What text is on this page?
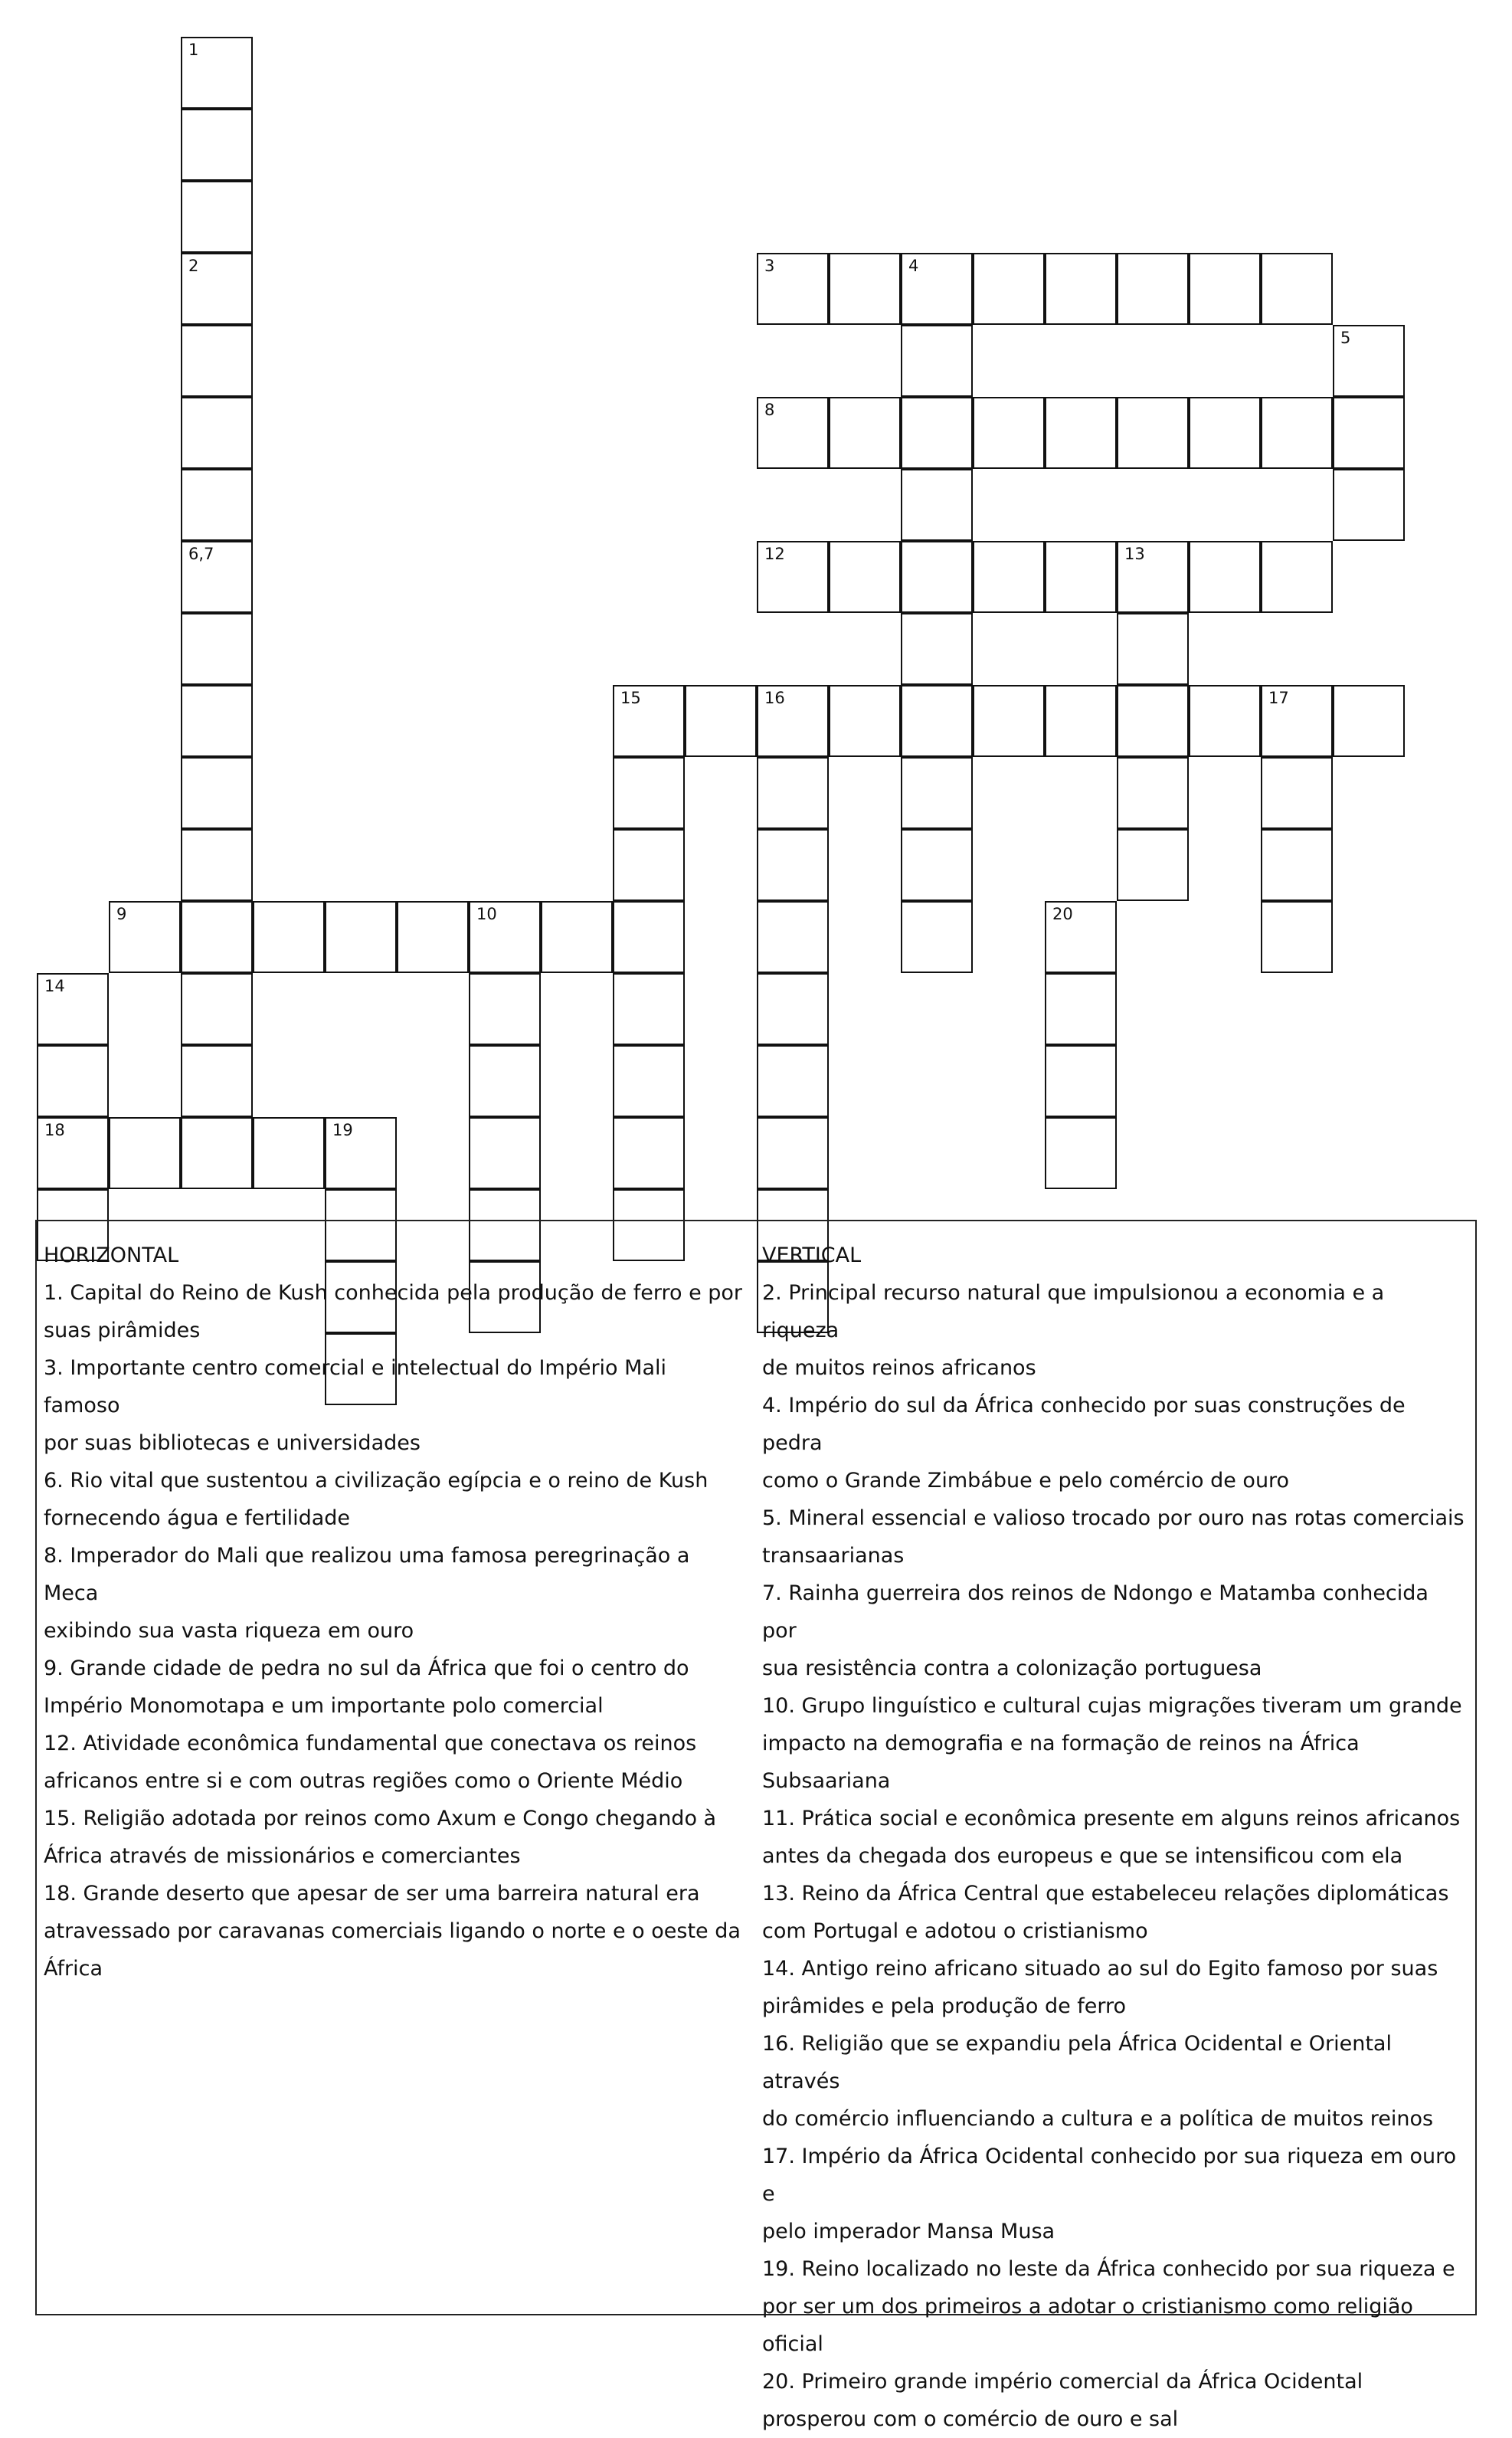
1
2
6,7
9	10
14
18	19
3	4
5
8
12	13
15	16	17
20

HORIZONTAL

1. Capital do Reino de Kush conhecida pela produção de ferro e por

suas pirâmides

3. Importante centro comercial e intelectual do Império Mali famoso

por suas bibliotecas e universidades

6. Rio vital que sustentou a civilização egípcia e o reino de Kush

fornecendo água e fertilidade

8. Imperador do Mali que realizou uma famosa peregrinação a Meca

exibindo sua vasta riqueza em ouro

9. Grande cidade de pedra no sul da África que foi o centro do

Império Monomotapa e um importante polo comercial

12. Atividade econômica fundamental que conectava os reinos

africanos entre si e com outras regiões como o Oriente Médio

15. Religião adotada por reinos como Axum e Congo chegando à

África através de missionários e comerciantes

18. Grande deserto que apesar de ser uma barreira natural era

atravessado por caravanas comerciais ligando o norte e o oeste da

África

VERTICAL

2. Principal recurso natural que impulsionou a economia e a riqueza

de muitos reinos africanos

4. Império do sul da África conhecido por suas construções de pedra

como o Grande Zimbábue e pelo comércio de ouro

5. Mineral essencial e valioso trocado por ouro nas rotas comerciais

transaarianas

7. Rainha guerreira dos reinos de Ndongo e Matamba conhecida por

sua resistência contra a colonização portuguesa

10. Grupo linguístico e cultural cujas migrações tiveram um grande

impacto na demografia e na formação de reinos na África

Subsaariana

11. Prática social e econômica presente em alguns reinos africanos

antes da chegada dos europeus e que se intensificou com ela

13. Reino da África Central que estabeleceu relações diplomáticas

com Portugal e adotou o cristianismo

14. Antigo reino africano situado ao sul do Egito famoso por suas

pirâmides e pela produção de ferro

16. Religião que se expandiu pela África Ocidental e Oriental através

do comércio influenciando a cultura e a política de muitos reinos

17. Império da África Ocidental conhecido por sua riqueza em ouro e

pelo imperador Mansa Musa

19. Reino localizado no leste da África conhecido por sua riqueza e

por ser um dos primeiros a adotar o cristianismo como religião

oficial

20. Primeiro grande império comercial da África Ocidental

prosperou com o comércio de ouro e sal
